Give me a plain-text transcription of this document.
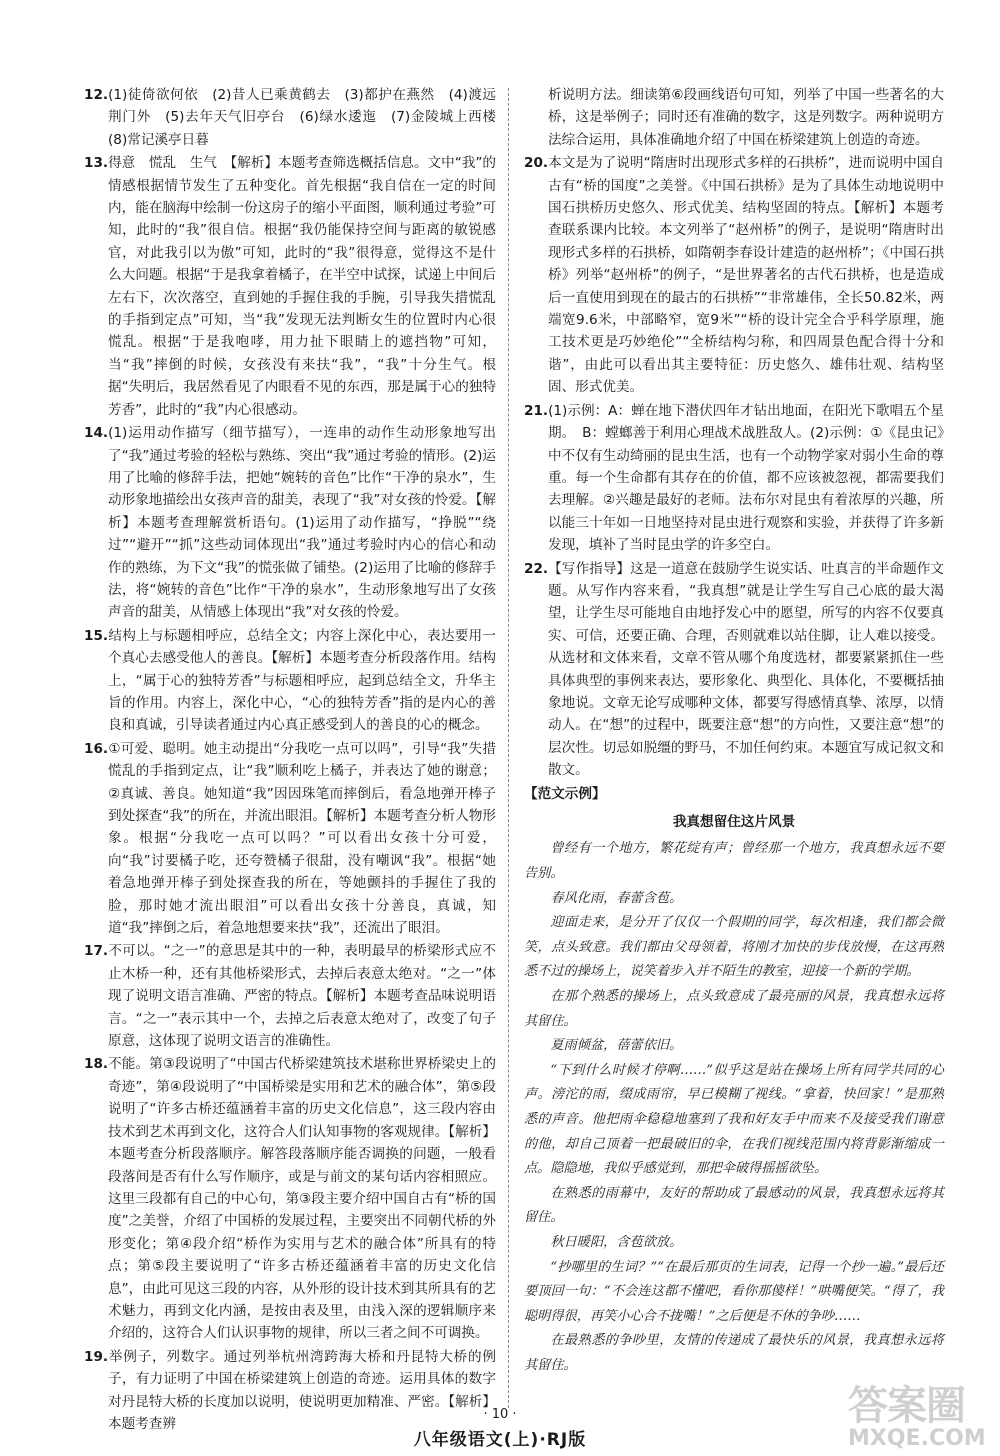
12.(1)徒倚欲何依　(2)昔人已乘黄鹤去　(3)都护在燕然　(4)渡远荆门外　(5)去年天气旧亭台　(6)绿水逶迤　(7)金陵城上西楼　(8)常记溪亭日暮
13.得意　慌乱　生气　【解析】本题考查筛选概括信息。文中“我”的情感根据情节发生了五种变化。首先根据“我自信在一定的时间内，能在脑海中绘制一份这房子的缩小平面图，顺利通过考验”可知，此时的“我”很自信。根据“我仍能保持空间与距离的敏锐感官，对此我引以为傲”可知，此时的“我”很得意，觉得这不是什么大问题。根据“于是我拿着橘子，在半空中试探，试递上中间后左右下，次次落空，直到她的手握住我的手腕，引导我失措慌乱的手指到定点”可知，当“我”发现无法判断女生的位置时内心很慌乱。根据“于是我咆哮，用力扯下眼睛上的遮挡物”可知，当“我”摔倒的时候，女孩没有来扶“我”，“我”十分生气。根据“失明后，我居然看见了内眼看不见的东西，那是属于心的独特芳香”，此时的“我”内心很感动。
14.(1)运用动作描写（细节描写），一连串的动作生动形象地写出了“我”通过考验的轻松与熟练、突出“我”通过考验的情形。(2)运用了比喻的修辞手法，把她“婉转的音色”比作“干净的泉水”，生动形象地描绘出女孩声音的甜美，表现了“我”对女孩的怜爱。【解析】本题考查理解赏析语句。(1)运用了动作描写，“挣脱”“绕过”“避开”“抓”这些动词体现出“我”通过考验时内心的信心和动作的熟练，为下文“我”的慌张做了铺垫。(2)运用了比喻的修辞手法，将“婉转的音色”比作“干净的泉水”，生动形象地写出了女孩声音的甜美，从情感上体现出“我”对女孩的怜爱。
15.结构上与标题相呼应，总结全文；内容上深化中心，表达要用一个真心去感受他人的善良。【解析】本题考查分析段落作用。结构上，“属于心的独特芳香”与标题相呼应，起到总结全文，升华主旨的作用。内容上，深化中心，“心的独特芳香”指的是内心的善良和真诚，引导读者通过内心真正感受到人的善良的心的概念。
16.①可爱、聪明。她主动提出“分我吃一点可以吗”，引导“我”失措慌乱的手指到定点，让“我”顺利吃上橘子，并表达了她的谢意；②真诚、善良。她知道“我”因因珠笔而摔倒后，看急地弹开棒子到处探查“我”的所在，并流出眼泪。【解析】本题考查分析人物形象。根据“分我吃一点可以吗？”可以看出女孩十分可爱，向“我”讨要橘子吃，还夸赞橘子很甜，没有嘲讽“我”。根据“她着急地弹开棒子到处探查我的所在，等她颤抖的手握住了我的脸，那时她才流出眼泪”可以看出女孩十分善良，真诚，知道“我”摔倒之后，着急地想要来扶“我”，还流出了眼泪。
17.不可以。“之一”的意思是其中的一种，表明最早的桥梁形式应不止木桥一种，还有其他桥梁形式，去掉后表意太绝对。“之一”体现了说明文语言准确、严密的特点。【解析】本题考查品味说明语言。“之一”表示其中一个，去掉之后表意太绝对了，改变了句子原意，这体现了说明文语言的准确性。
18.不能。第③段说明了“中国古代桥梁建筑技术堪称世界桥梁史上的奇迹”，第④段说明了“中国桥梁是实用和艺术的融合体”，第⑤段说明了“许多古桥还蕴涵着丰富的历史文化信息”，这三段内容由技术到艺术再到文化，这符合人们认知事物的客观规律。【解析】本题考查分析段落顺序。解答段落顺序能否调换的问题，一般看段落间是否有什么写作顺序，或是与前文的某句话内容相照应。这里三段都有自己的中心句，第③段主要介绍中国自古有“桥的国度”之美誉，介绍了中国桥的发展过程，主要突出不同朝代桥的外形变化；第④段介绍“桥作为实用与艺术的融合体”所具有的特点；第⑤段主要说明了“许多古桥还蕴涵着丰富的历史文化信息”，由此可见这三段的内容，从外形的设计技术到其所具有的艺术魅力，再到文化内涵，是按由表及里，由浅入深的逻辑顺序来介绍的，这符合人们认识事物的规律，所以三者之间不可调换。
19.举例子，列数字。通过列举杭州湾跨海大桥和丹昆特大桥的例子，有力证明了中国在桥梁建筑上创造的奇迹。运用具体的数字对丹昆特大桥的长度加以说明，使说明更加精准、严密。【解析】本题考查辨
析说明方法。细读第⑥段画线语句可知，列举了中国一些著名的大桥，这是举例子；同时还有准确的数字，这是列数字。两种说明方法综合运用，具体准确地介绍了中国在桥梁建筑上创造的奇迹。
20.本文是为了说明“隋唐时出现形式多样的石拱桥”，进而说明中国自古有“桥的国度”之美誉。《中国石拱桥》是为了具体生动地说明中国石拱桥历史悠久、形式优美、结构坚固的特点。【解析】本题考查联系课内比较。本文列举了“赵州桥”的例子，是说明“隋唐时出现形式多样的石拱桥，如隋朝李春设计建造的赵州桥”；《中国石拱桥》列举“赵州桥”的例子，“是世界著名的古代石拱桥，也是造成后一直使用到现在的最古的石拱桥”“非常雄伟，全长50.82米，两端宽9.6米，中部略窄，宽9米”“桥的设计完全合乎科学原理，施工技术更是巧妙绝伦”“全桥结构匀称，和四周景色配合得十分和谐”，由此可以看出其主要特征：历史悠久、雄伟壮观、结构坚固、形式优美。
21.(1)示例：A：蝉在地下潜伏四年才钻出地面，在阳光下歌唱五个星期。　B：螳螂善于利用心理战术战胜敌人。(2)示例：①《昆虫记》中不仅有生动绮丽的昆虫生活，也有一个动物学家对弱小生命的尊重。每一个生命都有其存在的价值，都不应该被忽视，都需要我们去理解。②兴趣是最好的老师。法布尔对昆虫有着浓厚的兴趣，所以能三十年如一日地坚持对昆虫进行观察和实验，并获得了许多新发现，填补了当时昆虫学的许多空白。
22.【写作指导】这是一道意在鼓励学生说实话、吐真言的半命题作文题。从写作内容来看，“我真想”就是让学生写自己心底的最大渴望，让学生尽可能地自由地抒发心中的愿望，所写的内容不仅要真实、可信，还要正确、合理，否则就难以站住脚，让人难以接受。从选材和文体来看，文章不管从哪个角度选材，都要紧紧抓住一些具体典型的事例来表达，要形象化、典型化、具体化，不要概括抽象地说。文章无论写成哪种文体，都要写得感情真挚、浓厚，以情动人。在“想”的过程中，既要注意“想”的方向性，又要注意“想”的层次性。切忌如脱缰的野马，不加任何约束。本题宜写成记叙文和散文。
【范文示例】
我真想留住这片风景

曾经有一个地方，繁花绽有声；曾经那一个地方，我真想永远不要告别。

春风化雨，春蕾含苞。

迎面走来，是分开了仅仅一个假期的同学，每次相逢，我们都会微笑，点头致意。我们都由父母领着，将刚才加快的步伐放慢，在这再熟悉不过的操场上，说笑着步入并不陌生的教室，迎接一个新的学期。

在那个熟悉的操场上，点头致意成了最亮丽的风景，我真想永远将其留住。

夏雨倾盆，蓓蕾依旧。

“下到什么时候才停啊……”似乎这是站在操场上所有同学共同的心声。滂沱的雨，缀成雨帘，早已模糊了视线。“拿着，快回家！”是那熟悉的声音。他把雨伞稳稳地塞到了我和好友手中而来不及接受我们谢意的他，却自己顶着一把最破旧的伞，在我们视线范围内将背影渐缩成一点。隐隐地，我似乎感觉到，那把伞破得摇摇欲坠。

在熟悉的雨幕中，友好的帮助成了最感动的风景，我真想永远将其留住。

秋日暖阳，含苞欲放。

“抄哪里的生词？”“在最后那页的生词表，记得一个抄一遍。”最后还要顶回一句：“不会连这都不懂吧，看你那傻样！”哄嘴便笑。“得了，我聪明得很，再笑小心合不拢嘴！”之后便是不休的争吵……

在最熟悉的争吵里，友情的传递成了最快乐的风景，我真想永远将其留住。

· 10 ·
八年级语文(上)·RJ版
答案圈
MXQE.COM
